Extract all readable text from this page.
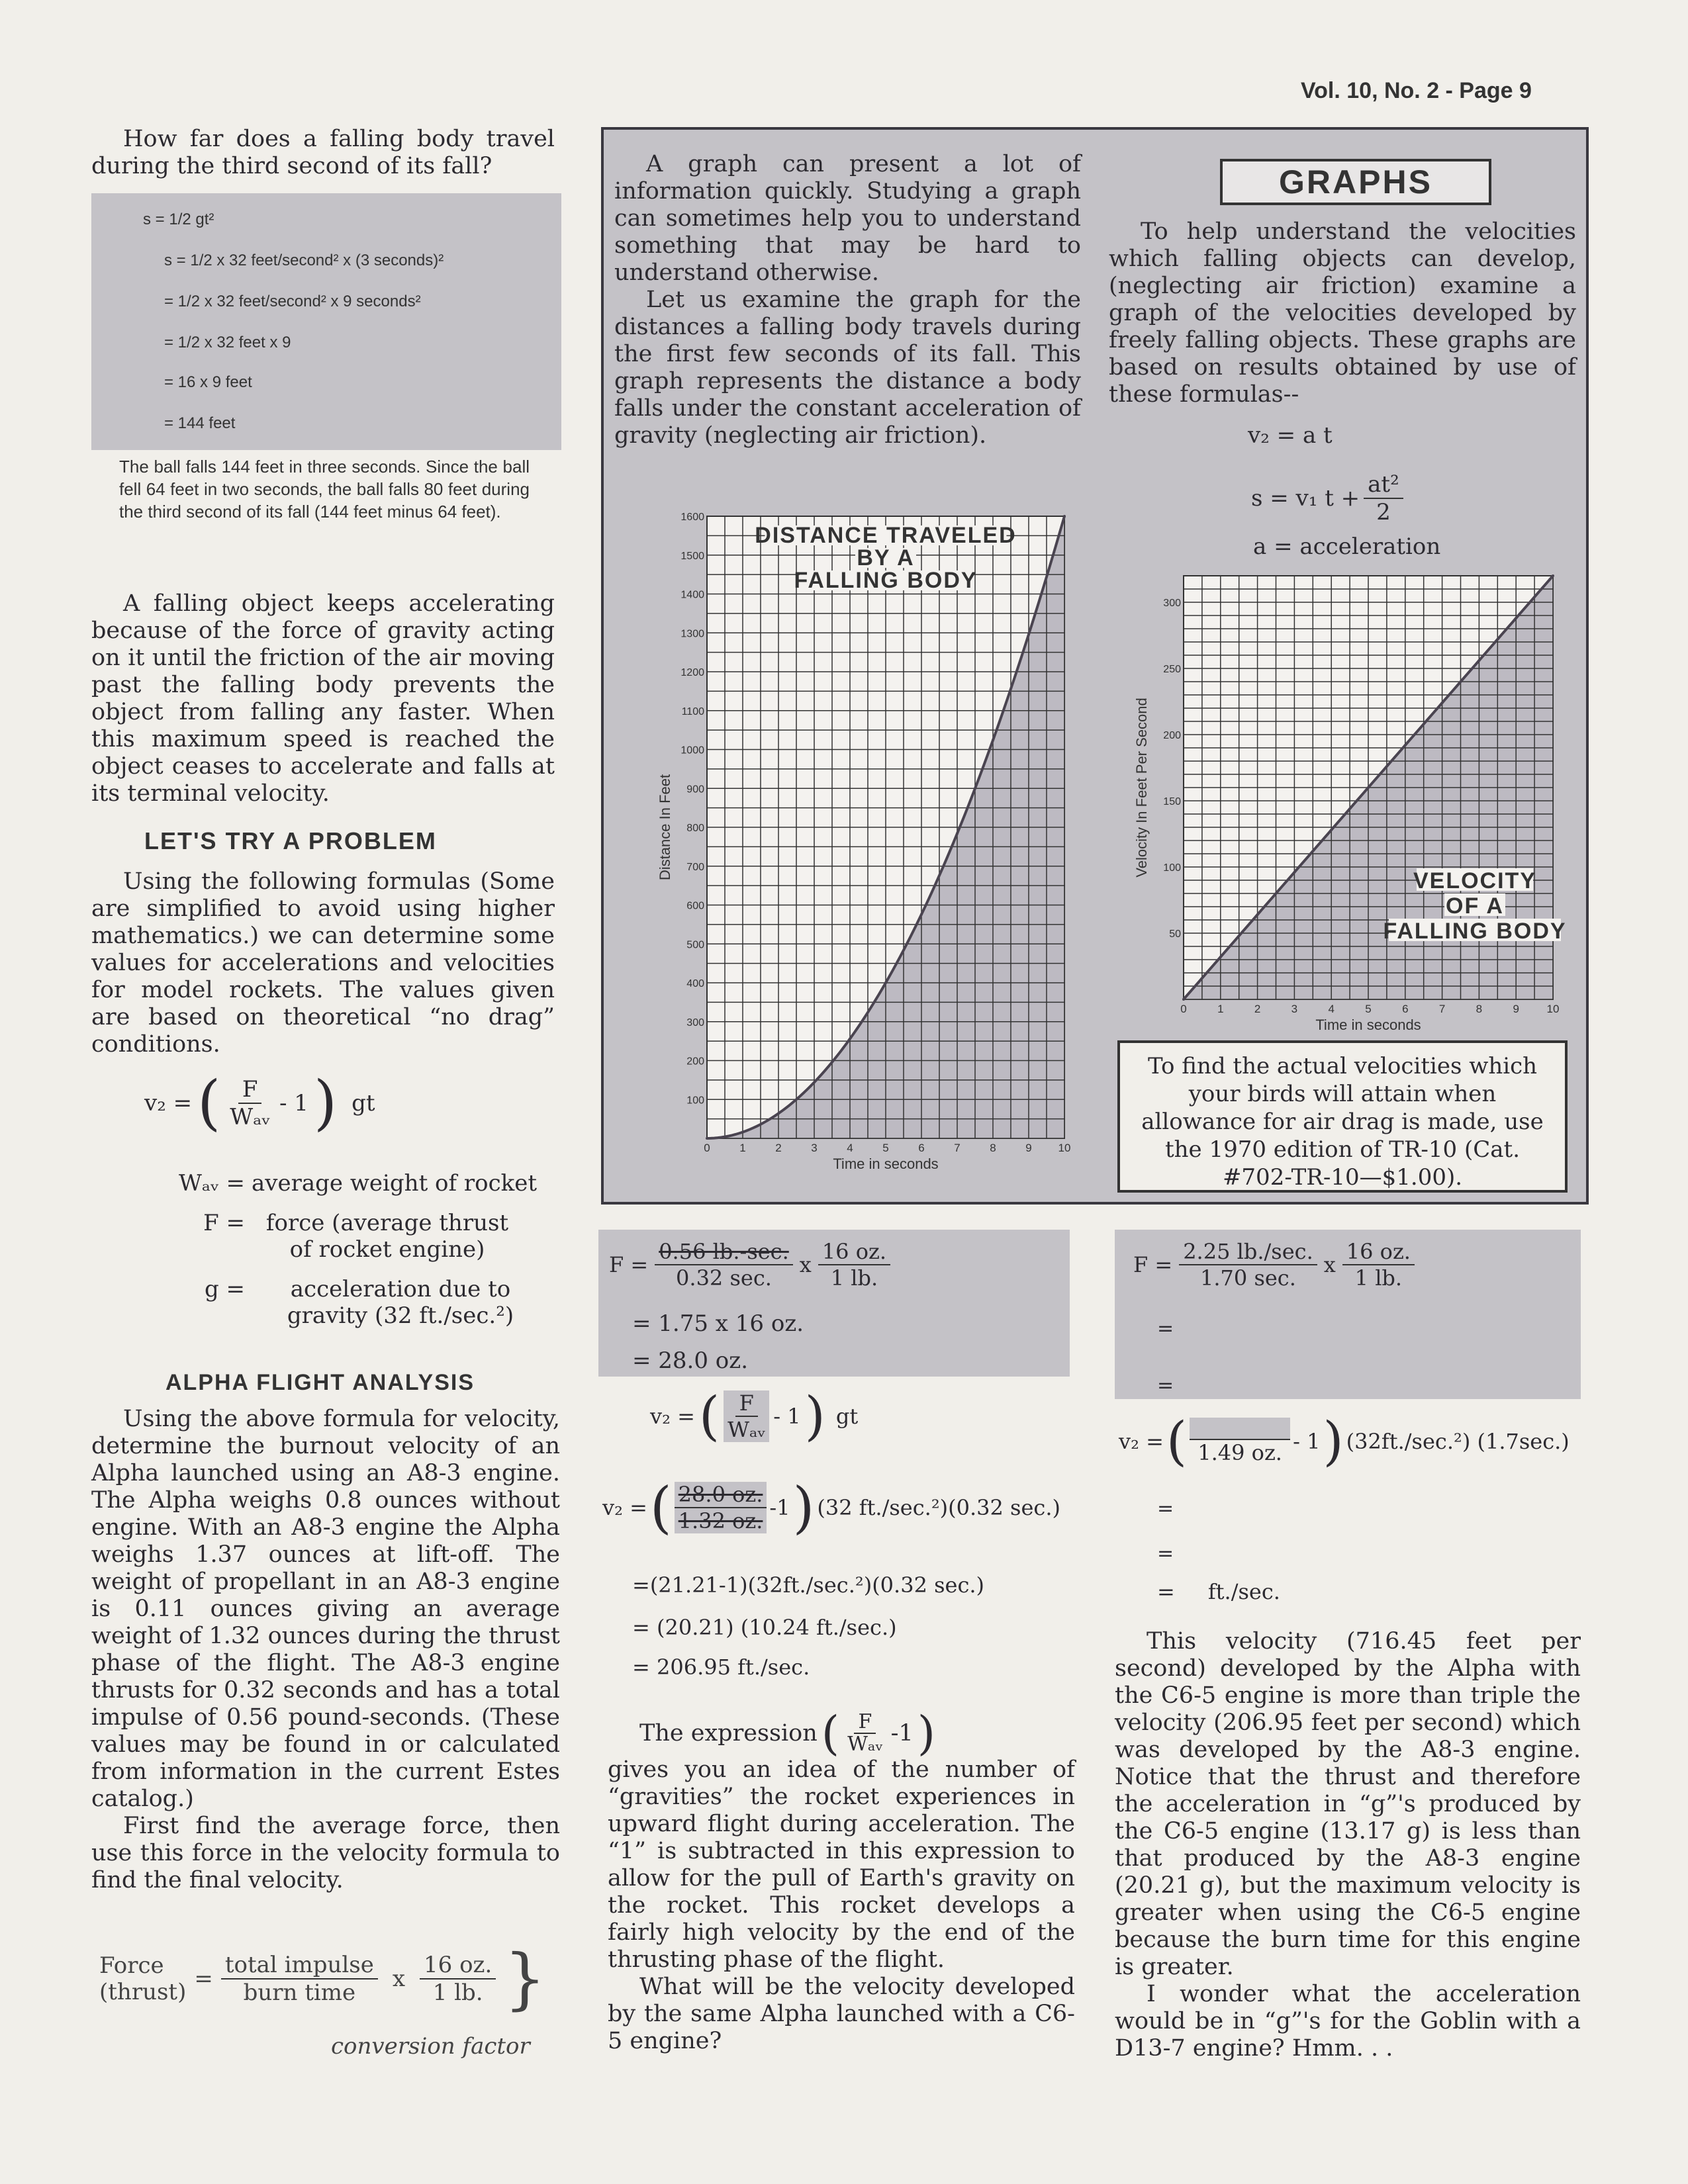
Vol. 10, No. 2 - Page 9

How far does a falling body travel during the third second of its fall?

s = 1/2 gt²
s = 1/2 x 32 feet/second² x (3 seconds)²
= 1/2 x 32 feet/second² x 9 seconds²
= 1/2 x 32 feet x 9
= 16 x 9 feet
= 144 feet
The ball falls 144 feet in three seconds. Since the ball fell 64 feet in two seconds, the ball falls 80 feet during the third second of its fall (144 feet minus 64 feet).

A falling object keeps accelerating because of the force of gravity acting on it until the friction of the air moving past the falling body prevents the object from falling any faster. When this maximum speed is reached the object ceases to accelerate and falls at its terminal velocity.

LET'S TRY A PROBLEM

Using the following formulas (Some are simplified to avoid using higher mathematics.) we can determine some values for accelerations and velocities for model rockets. The values given are based on theoretical “no drag” conditions.

v₂ = ( $\frac{F}{\text{Wₐᵥ}} - 1$ ) gt
Wₐᵥ = average weight of rocket
F = force (average thrust of rocket engine)
g =	acceleration due to gravity (32 ft./sec.²)
ALPHA FLIGHT ANALYSIS

Using the above formula for velocity, determine the burnout velocity of an Alpha launched using an A8-3 engine. The Alpha weighs 0.8 ounces without engine. With an A8-3 engine the Alpha weighs 1.37 ounces at lift-off. The weight of propellant in an A8-3 engine is 0.11 ounces giving an average weight of 1.32 ounces during the thrust phase of the flight. The A8-3 engine thrusts for 0.32 seconds and has a total impulse of 0.56 pound-seconds. (These values may be found in or calculated from information in the current Estes catalog.)

First find the average force, then use this force in the velocity formula to find the final velocity.

Force
(thrust) = $\frac{\text{total impulse}}{\text{burn time}}$ x $\frac{16 oz.}{1 lb.}$ }
conversion factor

A graph can present a lot of information quickly. Studying a graph can sometimes help you to understand something that may be hard to understand otherwise.

Let us examine the graph for the distances a falling body travels during the first few seconds of its fall. This graph represents the distance a body falls under the constant acceleration of gravity (neglecting air friction).

GRAPHS

To help understand the velocities which falling objects can develop, (neglecting air friction) examine a graph of the velocities developed by freely falling objects. These graphs are based on results obtained by use of these formulas--

v₂ = a t
s = v₁ $t + \frac{\text{at²}}{2}$
a = acceleration
0	1	2	3	4	5	6	7	8	9 10
100
200
300
400
500
600
700
800
900
1000
1100
1200
1300
1400
1500
1600
Time in seconds
Distance In Feet
DISTANCE TRAVELED
BY A
FALLING BODY
0	1	2	3	4	5	6	7	8	9 10
50
100
150
200
250
300
Time in seconds
Velocity In Feet Per Second
VELOCITY
OF A
FALLING BODY
To find the actual velocities which your birds will attain when allowance for air drag is made, use the 1970 edition of TR-10 (Cat. #702-TR-10—$1.00).
$F = \frac{0.56 lb.-\sec.}{0.32 \sec.}$ x $\frac{16 oz.}{1 lb.}$
= 1.75 x 16 oz.
= 28.0 oz.
v₂ = ( $\frac{F}{\text{Wₐᵥ}} - 1$ ) gt
v₂ = ( $\frac{28.0 oz.}{1.32 oz.} -1$ ) (32 ft./sec.²)(0.32 sec.)
=(21.21-1)(32ft./sec.²)(0.32 sec.)
= (20.21) (10.24 ft./sec.)
= 206.95 ft./sec.
The expression ( $\frac{F}{\text{Wₐᵥ}} -1$ )
gives you an idea of the number of “gravities” the rocket experiences in upward flight during acceleration. The “1” is subtracted in this expression to allow for the pull of Earth's gravity on the rocket. This rocket develops a fairly high velocity by the end of the thrusting phase of the flight.

What will be the velocity developed by the same Alpha launched with a C6-5 engine?

$F = \frac{2.25 lb./\sec.}{1.70 \sec.}$ x $\frac{16 oz.}{1 lb.}$
=
=
v₂ = ( 1.49 oz. - 1 ) (32ft./sec.²) (1.7sec.)
=
=
= ft./sec.

This velocity (716.45 feet per second) developed by the Alpha with the C6-5 engine is more than triple the velocity (206.95 feet per second) which was developed by the A8-3 engine. Notice that the thrust and therefore the acceleration in “g”'s produced by the C6-5 engine (13.17 g) is less than that produced by the A8-3 engine (20.21 g), but the maximum velocity is greater when using the C6-5 engine because the burn time for this engine is greater.

I wonder what the acceleration would be in “g”'s for the Goblin with a D13-7 engine? Hmm. . .
